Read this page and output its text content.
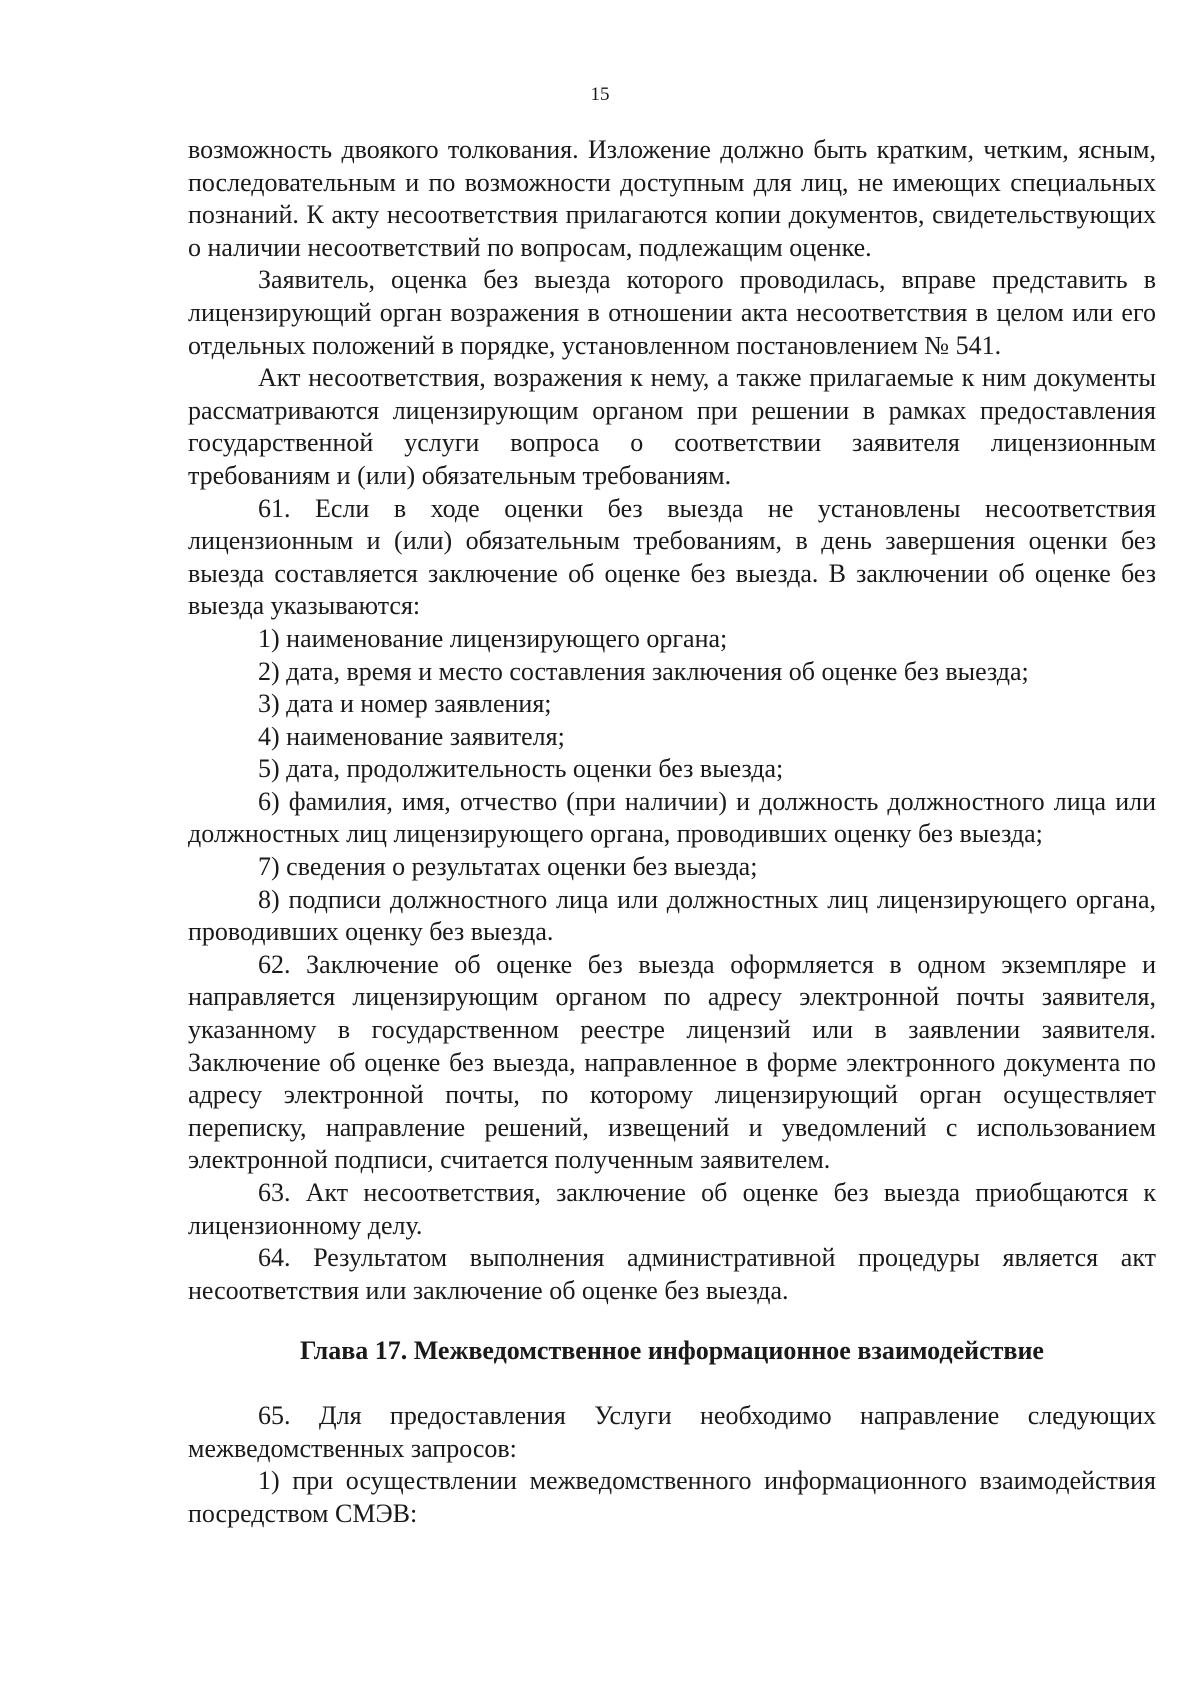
15

возможность двоякого толкования. Изложение должно быть кратким, четким, ясным, последовательным и по возможности доступным для лиц, не имеющих специальных познаний. К акту несоответствия прилагаются копии документов, свидетельствующих о наличии несоответствий по вопросам, подлежащим оценке.

Заявитель, оценка без выезда которого проводилась, вправе представить в лицензирующий орган возражения в отношении акта несоответствия в целом или его отдельных положений в порядке, установленном постановлением № 541.

Акт несоответствия, возражения к нему, а также прилагаемые к ним документы рассматриваются лицензирующим органом при решении в рамках предоставления государственной услуги вопроса о соответствии заявителя лицензионным требованиям и (или) обязательным требованиям.

61. Если в ходе оценки без выезда не установлены несоответствия лицензионным и (или) обязательным требованиям, в день завершения оценки без выезда составляется заключение об оценке без выезда. В заключении об оценке без выезда указываются:

1) наименование лицензирующего органа;

2) дата, время и место составления заключения об оценке без выезда;

3) дата и номер заявления;

4) наименование заявителя;

5) дата, продолжительность оценки без выезда;

6) фамилия, имя, отчество (при наличии) и должность должностного лица или должностных лиц лицензирующего органа, проводивших оценку без выезда;

7) сведения о результатах оценки без выезда;

8) подписи должностного лица или должностных лиц лицензирующего органа, проводивших оценку без выезда.

62. Заключение об оценке без выезда оформляется в одном экземпляре и направляется лицензирующим органом по адресу электронной почты заявителя, указанному в государственном реестре лицензий или в заявлении заявителя. Заключение об оценке без выезда, направленное в форме электронного документа по адресу электронной почты, по которому лицензирующий орган осуществляет переписку, направление решений, извещений и уведомлений с использованием электронной подписи, считается полученным заявителем.

63. Акт несоответствия, заключение об оценке без выезда приобщаются к лицензионному делу.

64. Результатом выполнения административной процедуры является акт несоответствия или заключение об оценке без выезда.

Глава 17. Межведомственное информационное взаимодействие

65. Для предоставления Услуги необходимо направление следующих межведомственных запросов:

1) при осуществлении межведомственного информационного взаимодействия посредством СМЭВ:
